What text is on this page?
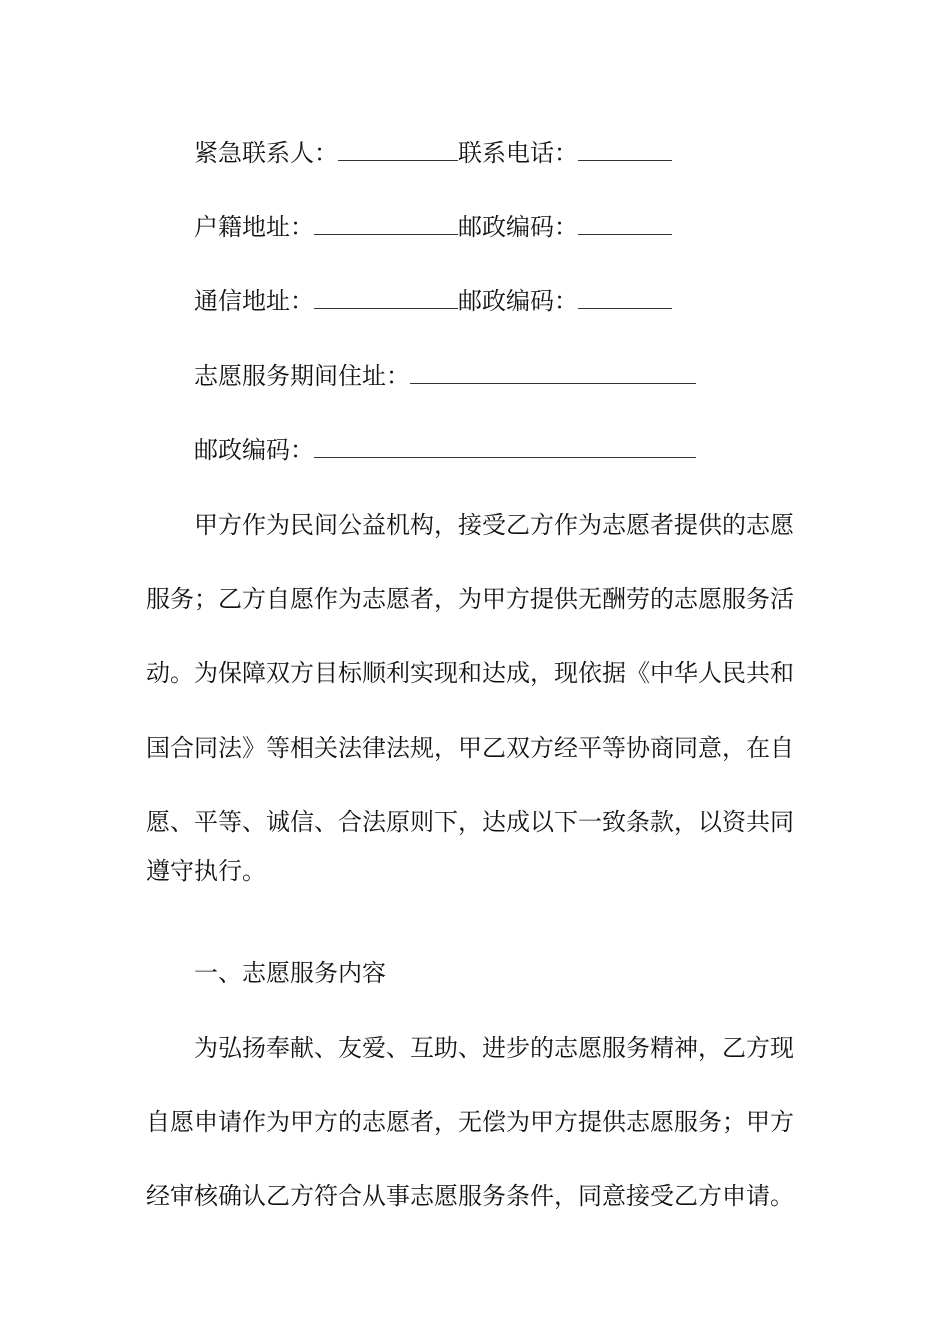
紧急联系人：	联系电话：
户籍地址：	邮政编码：
通信地址：	邮政编码：
志愿服务期间住址：
邮政编码：
甲方作为民间公益机构，接受乙方作为志愿者提供的志愿
服务；乙方自愿作为志愿者，为甲方提供无酬劳的志愿服务活
动。为保障双方目标顺利实现和达成，现依据《中华人民共和
国合同法》等相关法律法规，甲乙双方经平等协商同意，在自
愿、平等、诚信、合法原则下，达成以下一致条款，以资共同
遵守执行。
一、志愿服务内容
为弘扬奉献、友爱、互助、进步的志愿服务精神，乙方现
自愿申请作为甲方的志愿者，无偿为甲方提供志愿服务；甲方
经审核确认乙方符合从事志愿服务条件，同意接受乙方申请。
